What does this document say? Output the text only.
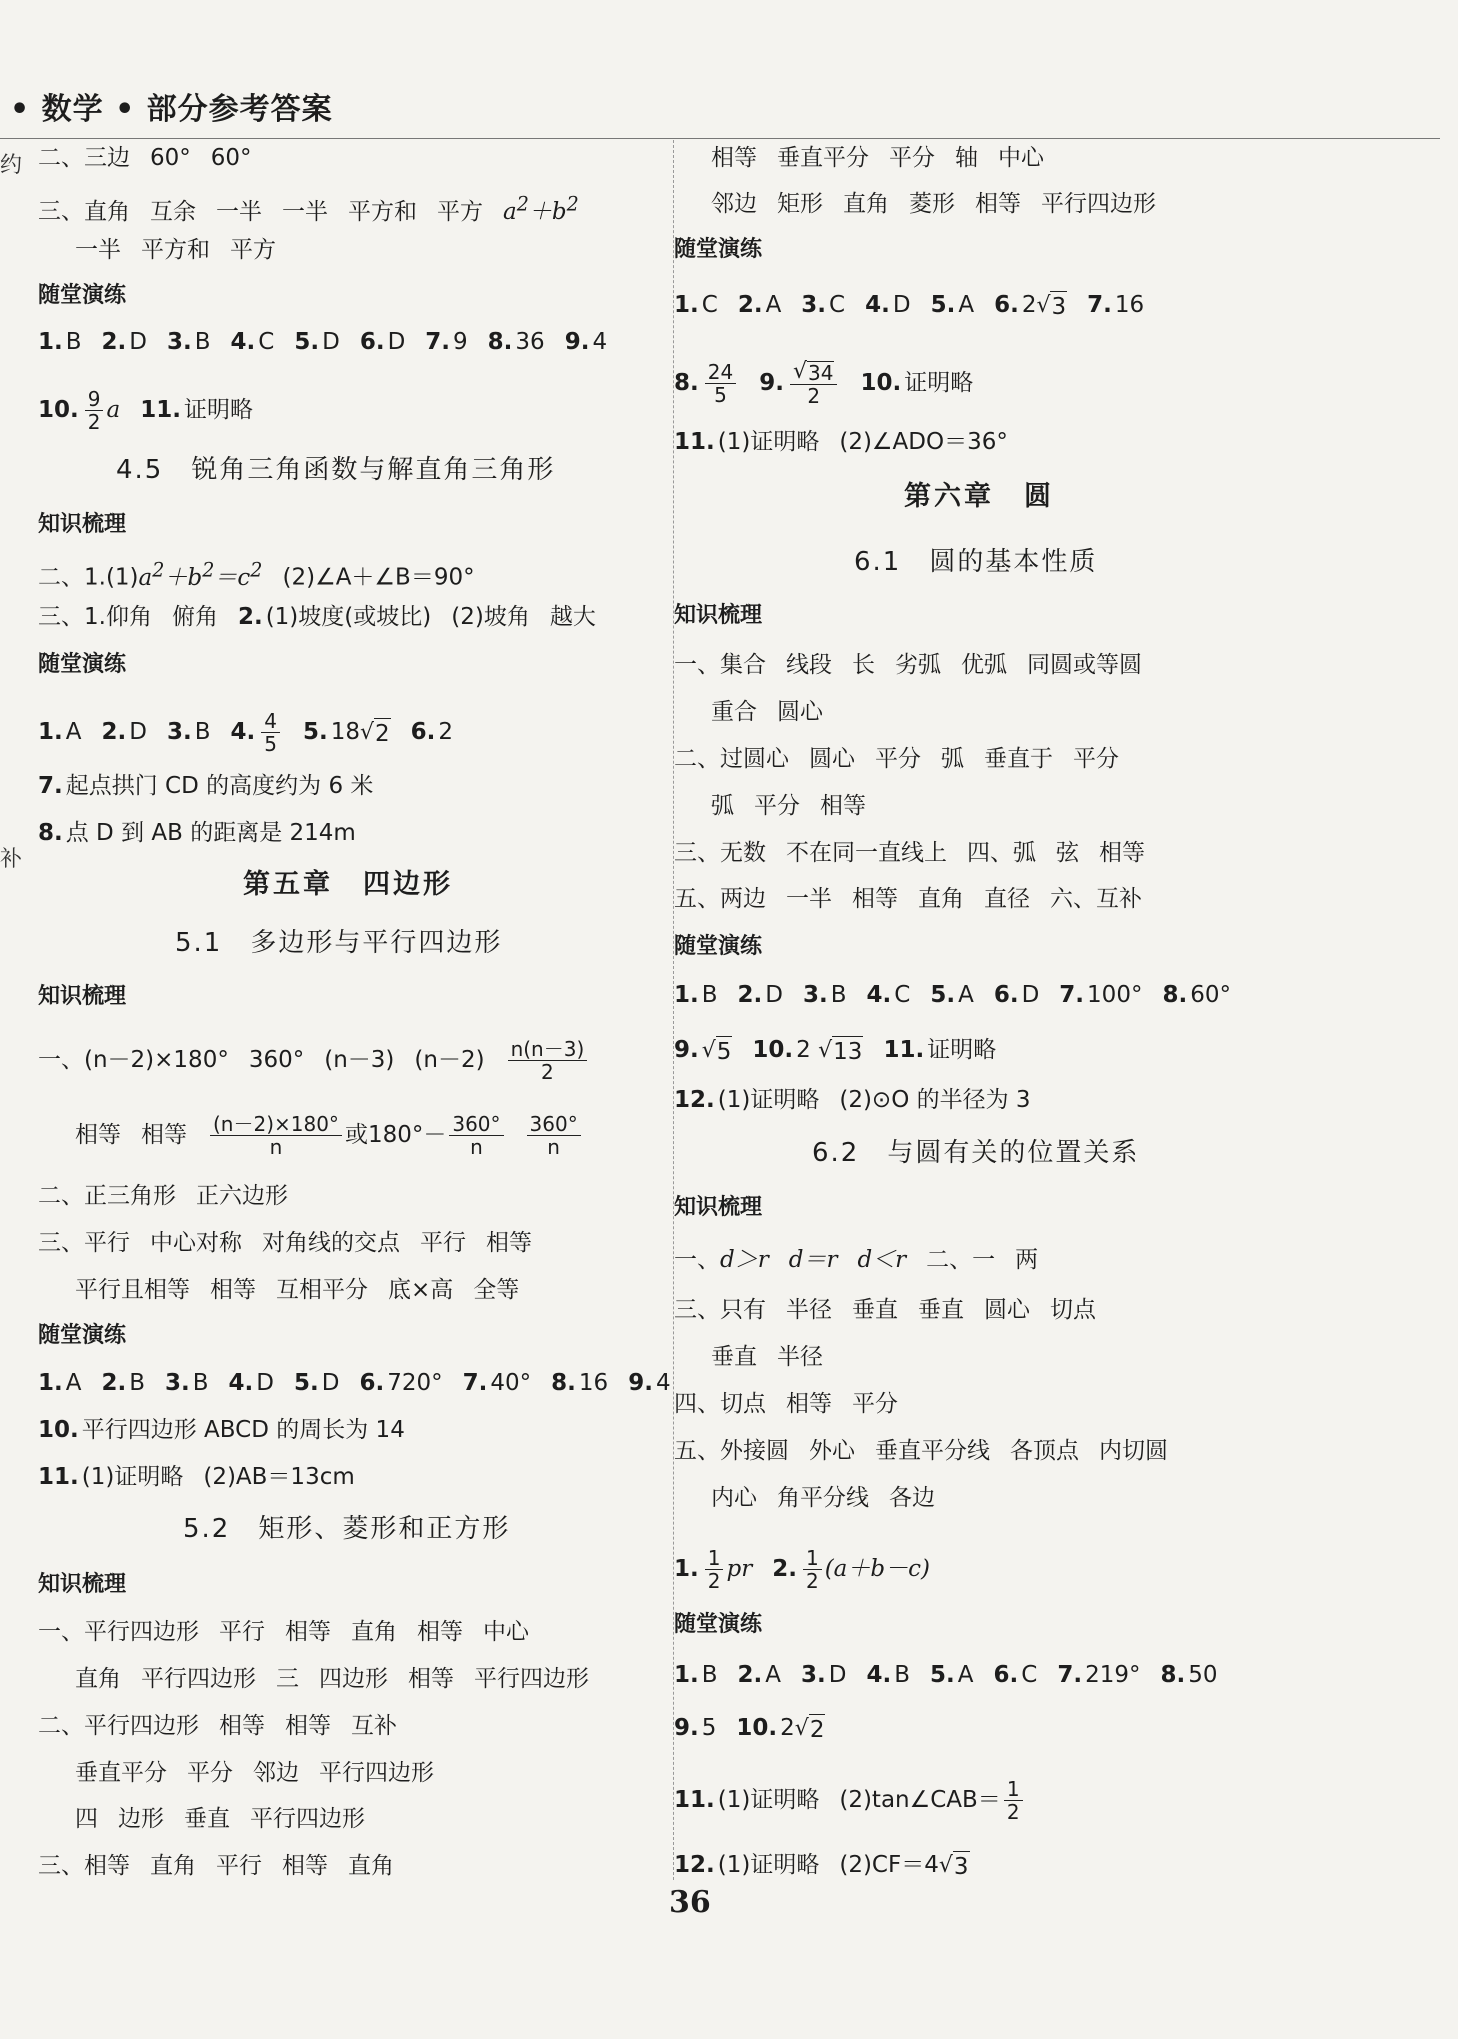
• 数学 • 部分参考答案
约
补
二、三边 60° 60°
三、直角 互余 一半 一半 平方和 平方 $a^2+b^2$
一半 平方和 平方
随堂演练
1. B 2. D 3. B 4. C 5. D 6. D 7. 9 8. 36 9. 4
10. $\frac{9}{2}$ a 11. 证明略
4.5　锐角三角函数与解直角三角形
知识梳理
二、$1.(1)a^2+b^2=c^2$ (2)∠A＋∠B＝90°
三、1.仰角 俯角 2. (1)坡度(或坡比) (2)坡角 越大
随堂演练
1. A 2. D 3. B 4. $\frac{4}{5} 5$. 18 √ 2 6. 2
7. 起点拱门 CD 的高度约为 6 米
8. 点 D 到 AB 的距离是 214m
第五章　四边形
5.1　多边形与平行四边形
知识梳理
一、(n－2)×180° 360° (n－3) $(n-2) \frac{n(n-3)}{2}$
相等 相等 $\frac{(n-2)\times 180^\circ}{n}$ 或$180^\circ- \frac{360^\circ}{n} \frac{360^\circ}{n}$
二、正三角形 正六边形
三、平行 中心对称 对角线的交点 平行 相等
平行且相等 相等 互相平分 底×高 全等
随堂演练
1. A 2. B 3. B 4. D 5. D 6. 720° 7. 40° 8. 16 9. 4
10. 平行四边形 ABCD 的周长为 14
11. (1)证明略 (2)AB＝13cm
5.2　矩形、菱形和正方形
知识梳理
一、平行四边形 平行 相等 直角 相等 中心
直角 平行四边形 三 四边形 相等 平行四边形
二、平行四边形 相等 相等 互补
垂直平分 平分 邻边 平行四边形
四 边形 垂直 平行四边形
三、相等 直角 平行 相等 直角
相等 垂直平分 平分 轴 中心
邻边 矩形 直角 菱形 相等 平行四边形
随堂演练
1. C 2. A 3. C 4. D 5. A 6. 2 √ 3 7. 16
8. $\frac{24}{5} 9$. $\frac{√ 34}{2} 10$. 证明略
11. (1)证明略 (2)∠ADO＝36°
第六章　圆
6.1　圆的基本性质
知识梳理
一、集合 线段 长 劣弧 优弧 同圆或等圆
重合 圆心
二、过圆心 圆心 平分 弧 垂直于 平分
弧 平分 相等
三、无数 不在同一直线上 四、弧 弦 相等
五、两边 一半 相等 直角 直径 六、互补
随堂演练
1. B 2. D 3. B 4. C 5. A 6. D 7. 100° 8. 60°
9. √ 5 10. 2 √ 13 11. 证明略
12. (1)证明略 (2)⊙O 的半径为 3
6.2　与圆有关的位置关系
知识梳理
一、d＞r d＝r d＜r 二、一 两
三、只有 半径 垂直 垂直 圆心 切点
垂直 半径
四、切点 相等 平分
五、外接圆 外心 垂直平分线 各顶点 内切圆
内心 角平分线 各边
1. $\frac{1}{2}$ pr 2. $\frac{1}{2} (a+b-c)$
随堂演练
1. B 2. A 3. D 4. B 5. A 6. C 7. 219° 8. 50
9. 5 10. 2 √ 2
11. (1)证明略 (2)tan∠CAB＝ $\frac{1}{2}$
12. (1)证明略 (2)CF＝4 √ 3
36
